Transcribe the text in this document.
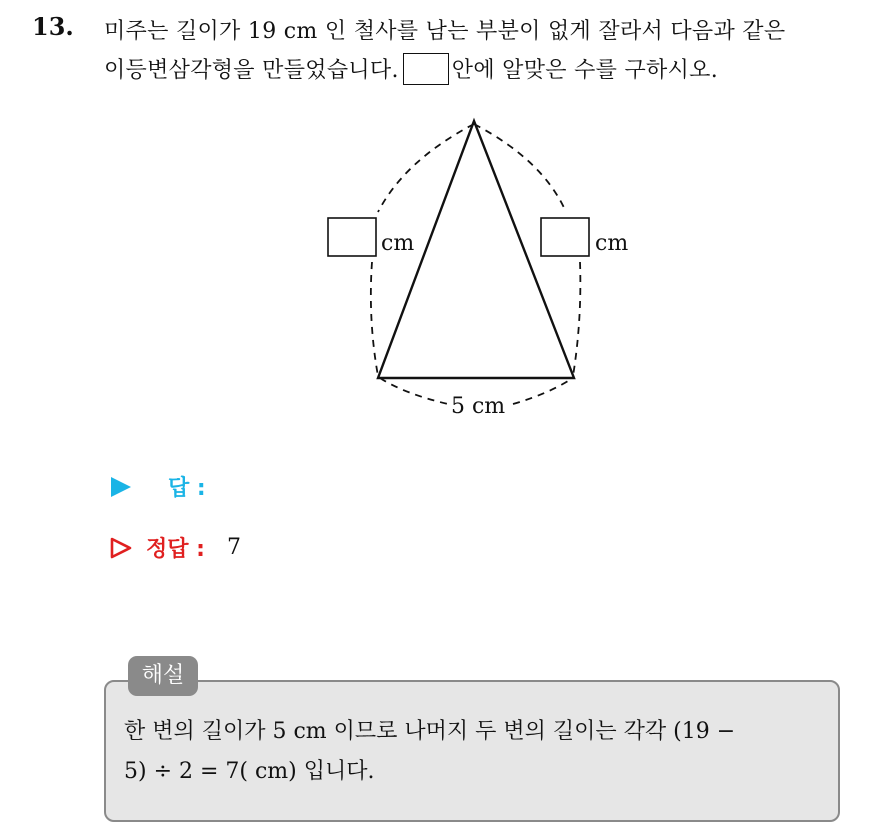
13. 미주는 길이가 19 cm 인 철사를 남는 부분이 없게 잘라서 다음과 같은
이등변삼각형을 만들었습니다. 안에 알맞은 수를 구하시오.
cm	cm
5 cm
답 :
정답 : 7
해설
한 변의 길이가 5 cm 이므로 나머지 두 변의 길이는 각각 (19 −
5) ÷ 2 = 7( cm) 입니다.
